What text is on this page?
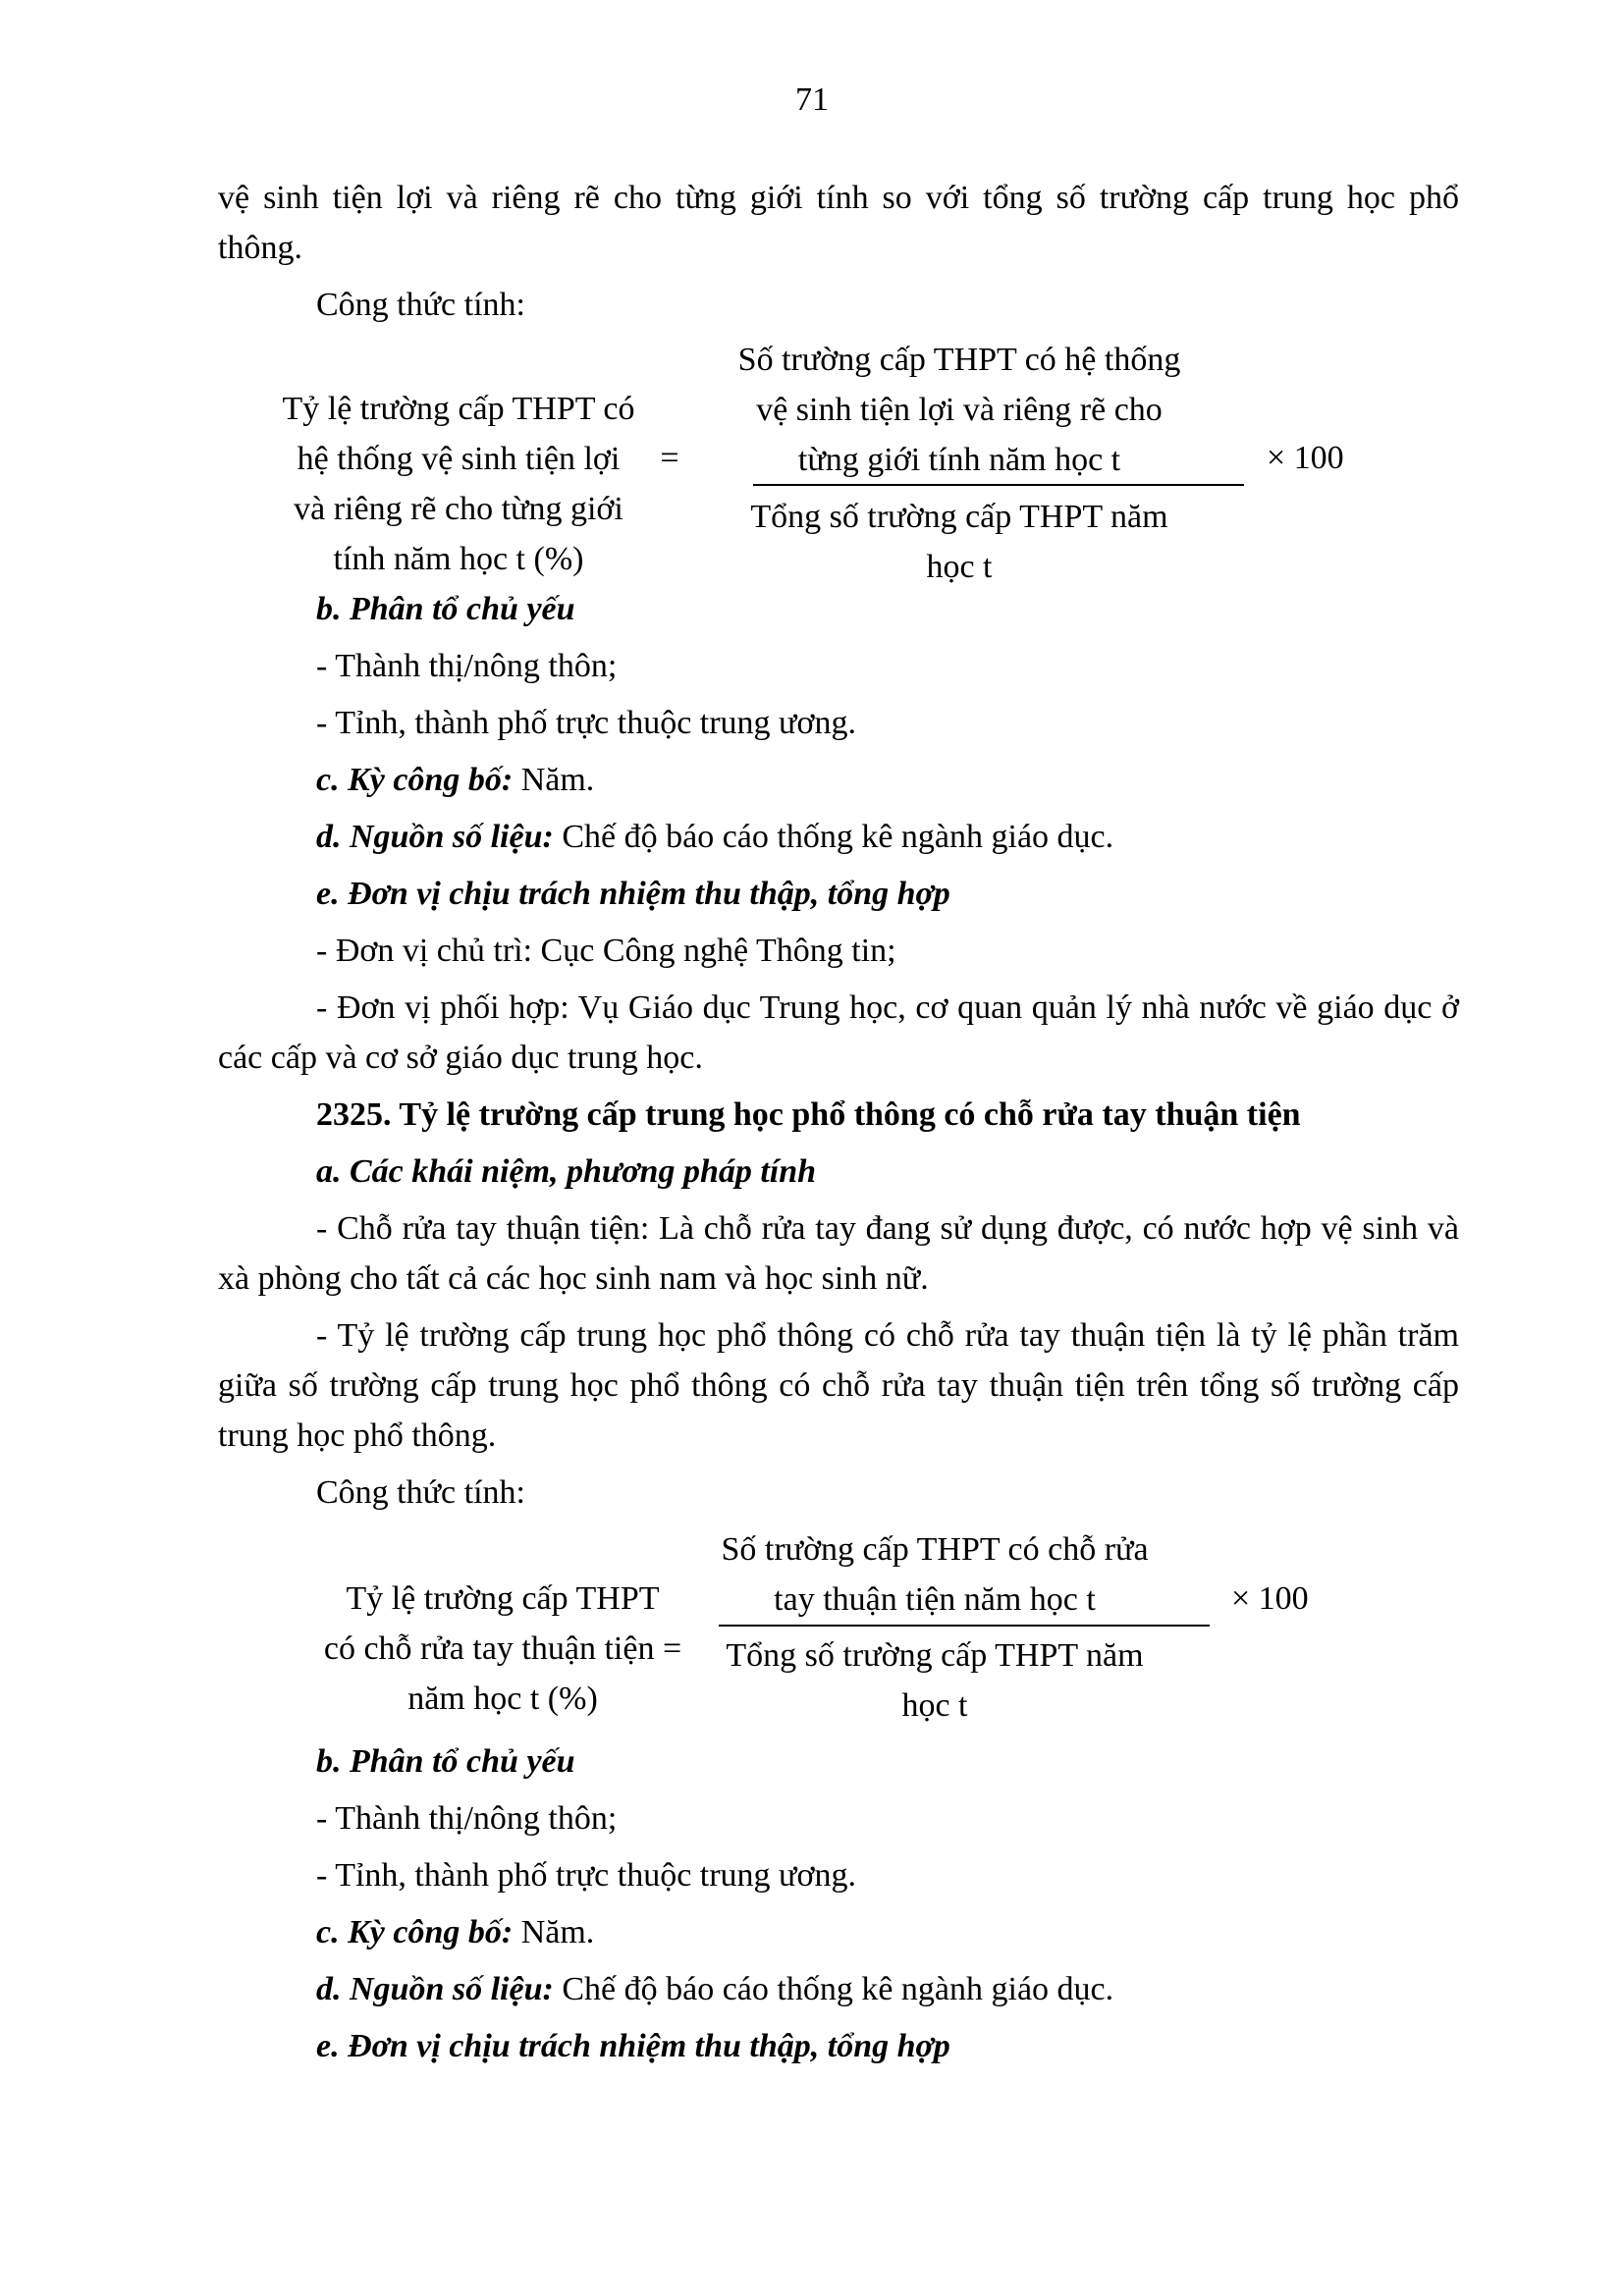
71

vệ sinh tiện lợi và riêng rẽ cho từng giới tính so với tổng số trường cấp trung học phổ

thông.

Công thức tính:

Tỷ lệ trường cấp THPT có
hệ thống vệ sinh tiện lợi
và riêng rẽ cho từng giới
tính năm học t (%)
=
Số trường cấp THPT có hệ thống
vệ sinh tiện lợi và riêng rẽ cho
từng giới tính năm học t
Tổng số trường cấp THPT năm
học t
× 100

b. Phân tổ chủ yếu

- Thành thị/nông thôn;

- Tỉnh, thành phố trực thuộc trung ương.

c. Kỳ công bố: Năm.

d. Nguồn số liệu: Chế độ báo cáo thống kê ngành giáo dục.

e. Đơn vị chịu trách nhiệm thu thập, tổng hợp

- Đơn vị chủ trì: Cục Công nghệ Thông tin;

- Đơn vị phối hợp: Vụ Giáo dục Trung học, cơ quan quản lý nhà nước về giáo dục ở các cấp và cơ sở giáo dục trung học.

2325. Tỷ lệ trường cấp trung học phổ thông có chỗ rửa tay thuận tiện

a. Các khái niệm, phương pháp tính

- Chỗ rửa tay thuận tiện: Là chỗ rửa tay đang sử dụng được, có nước hợp vệ sinh và xà phòng cho tất cả các học sinh nam và học sinh nữ.

- Tỷ lệ trường cấp trung học phổ thông có chỗ rửa tay thuận tiện là tỷ lệ phần trăm giữa số trường cấp trung học phổ thông có chỗ rửa tay thuận tiện trên tổng số trường cấp trung học phổ thông.

Công thức tính:

Tỷ lệ trường cấp THPT
có chỗ rửa tay thuận tiện =
năm học t (%)
Số trường cấp THPT có chỗ rửa
tay thuận tiện năm học t
Tổng số trường cấp THPT năm
học t
× 100

b. Phân tổ chủ yếu

- Thành thị/nông thôn;

- Tỉnh, thành phố trực thuộc trung ương.

c. Kỳ công bố: Năm.

d. Nguồn số liệu: Chế độ báo cáo thống kê ngành giáo dục.

e. Đơn vị chịu trách nhiệm thu thập, tổng hợp
